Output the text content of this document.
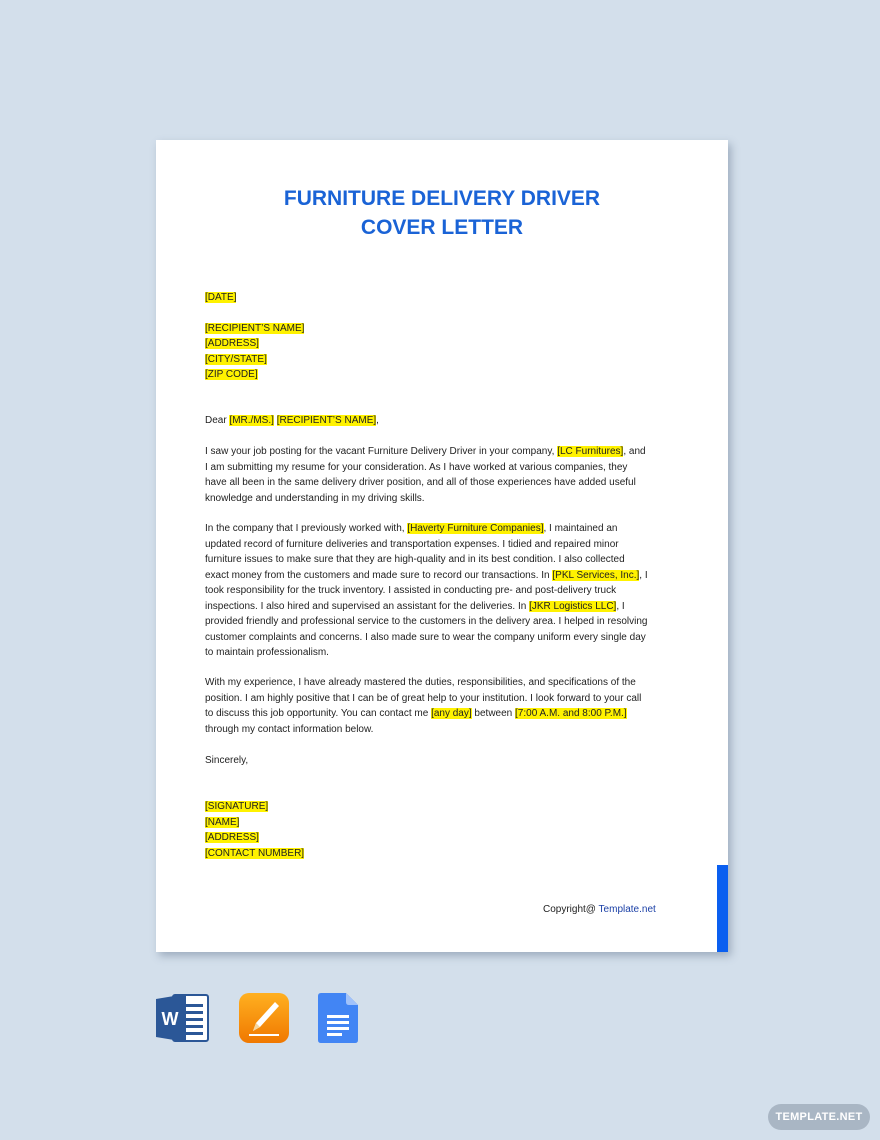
FURNITURE DELIVERY DRIVER
COVER LETTER
[DATE]
[RECIPIENT’S NAME]
[ADDRESS]
[CITY/STATE]
[ZIP CODE]
Dear [MR./MS.] [RECIPIENT’S NAME],
I saw your job posting for the vacant Furniture Delivery Driver in your company, [LC Furnitures], and
I am submitting my resume for your consideration. As I have worked at various companies, they
have all been in the same delivery driver position, and all of those experiences have added useful
knowledge and understanding in my driving skills.
In the company that I previously worked with, [Haverty Furniture Companies], I maintained an
updated record of furniture deliveries and transportation expenses. I tidied and repaired minor
furniture issues to make sure that they are high-quality and in its best condition. I also collected
exact money from the customers and made sure to record our transactions. In [PKL Services, Inc.], I
took responsibility for the truck inventory. I assisted in conducting pre- and post-delivery truck
inspections. I also hired and supervised an assistant for the deliveries. In [JKR Logistics LLC], I
provided friendly and professional service to the customers in the delivery area. I helped in resolving
customer complaints and concerns. I also made sure to wear the company uniform every single day
to maintain professionalism.
With my experience, I have already mastered the duties, responsibilities, and specifications of the
position. I am highly positive that I can be of great help to your institution. I look forward to your call
to discuss this job opportunity. You can contact me [any day] between [7:00 A.M. and 8:00 P.M.]
through my contact information below.
Sincerely,
[SIGNATURE]
[NAME]
[ADDRESS]
[CONTACT NUMBER]
Copyright@ Template.net
W
TEMPLATE.NET
